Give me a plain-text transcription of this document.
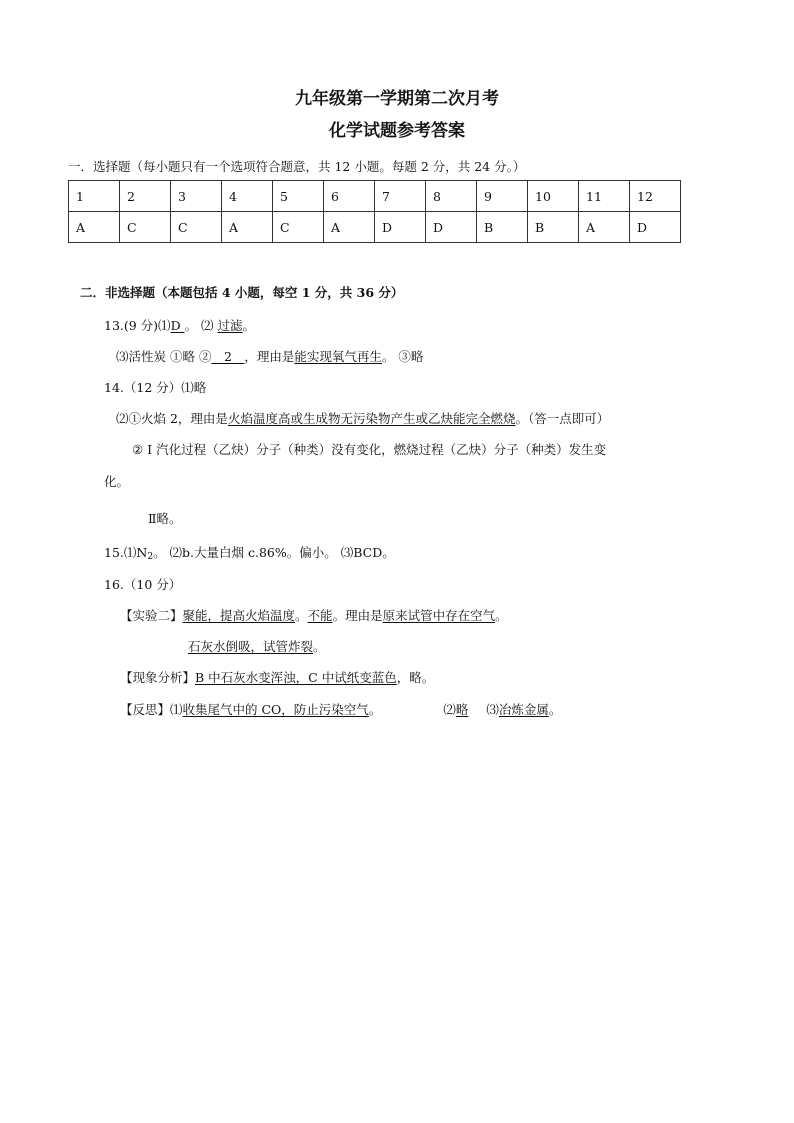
九年级第一学期第二次月考
化学试题参考答案
一．选择题（每小题只有一个选项符合题意，共 12 小题。每题 2 分，共 24 分。）
1	2	3	4	5	6	7	8	9	10	11	12
A	C	C	A	C	A	D	D	B	B	A	D
二．非选择题（本题包括 4 小题，每空 1 分，共 36 分）
13.(9 分)⑴D 。 ⑵ 过滤。
⑶活性炭 ①略 ②__2__，理由是能实现氧气再生。 ③略
14.（12 分）⑴略
⑵①火焰 2，理由是火焰温度高或生成物无污染物产生或乙炔能完全燃烧。（答一点即可）
② Ⅰ 汽化过程（乙炔）分子（种类）没有变化，燃烧过程（乙炔）分子（种类）发生变
化。
Ⅱ略。
$15.⑴N_2$。 ⑵b.大量白烟 c.86%。偏小。 ⑶BCD。
16.（10 分）
【实验二】聚能，提高火焰温度。不能。理由是原来试管中存在空气。
石灰水倒吸，试管炸裂。
【现象分析】B 中石灰水变浑浊，C 中试纸变蓝色，略。
【反思】⑴收集尾气中的 CO，防止污染空气。	⑵略 ⑶冶炼金属。
